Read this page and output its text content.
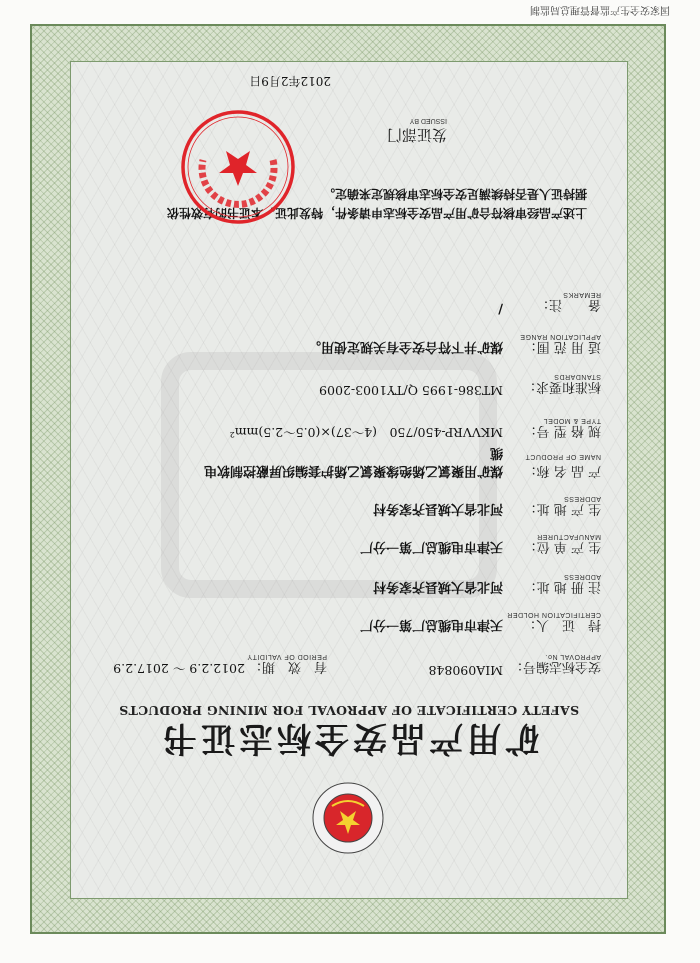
国家安全生产监督管理总局监制
矿用产品安全标志证书
SAFETY CERTIFICATE OF APPROVAL FOR MINING PRODUCTS
安全标志编号：
MIA090848
APPROVAL No.
有　效　期：
2012.2.9 ～ 2017.2.9
PERIOD OF VALIDITY
持　证　人：
天津市电缆总厂第一分厂
CERTIFICATION HOLDER
注 册 地 址：
河北省大城县齐家务村
ADDRESS
生 产 单 位：
天津市电缆总厂第一分厂
MANUFACTURER
生 产 地 址：
河北省大城县齐家务村
ADDRESS
产 品 名 称：
煤矿用聚氯乙烯绝缘聚氯乙烯护套编织屏蔽控制软电
缆	NAME OF PRODUCT
规 格 型 号：
MKVVRP-450/750　(4～37)×(0.5～2.5)mm²
TYPE & MODEL
标准和要求：
MT386-1995 Q/TY1003-2009
STANDARDS
适 用 范 围：
煤矿井下符合安全有关规定使用。
APPLICATION RANGE
备　　注：
/
REMARKS
上述产品经审核符合矿用产品安全标志申请条件，特发此证。本证书的有效性依据持证人是否持续满足安全标志审核规定来确定。
发证部门
ISSUED BY
2012年2月9日
